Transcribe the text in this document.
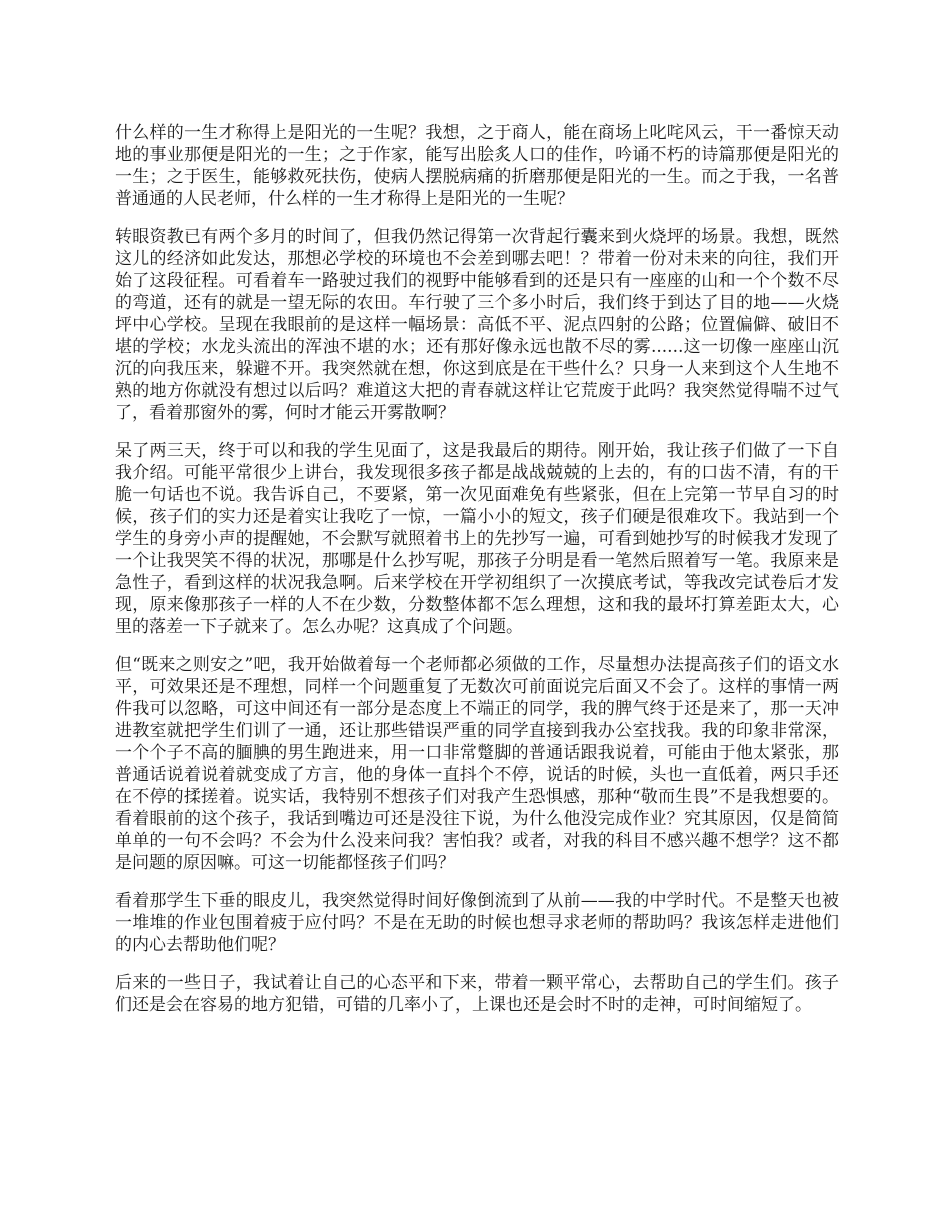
什么样的一生才称得上是阳光的一生呢？我想，之于商人，能在商场上叱咤风云，干一番惊天动地的事业那便是阳光的一生；之于作家，能写出脍炙人口的佳作，吟诵不朽的诗篇那便是阳光的一生；之于医生，能够救死扶伤，使病人摆脱病痛的折磨那便是阳光的一生。而之于我，一名普普通通的人民老师，什么样的一生才称得上是阳光的一生呢？

转眼资教已有两个多月的时间了，但我仍然记得第一次背起行囊来到火烧坪的场景。我想，既然这儿的经济如此发达，那想必学校的环境也不会差到哪去吧！？带着一份对未来的向往，我们开始了这段征程。可看着车一路驶过我们的视野中能够看到的还是只有一座座的山和一个个数不尽的弯道，还有的就是一望无际的农田。车行驶了三个多小时后，我们终于到达了目的地——火烧坪中心学校。呈现在我眼前的是这样一幅场景：高低不平、泥点四射的公路；位置偏僻、破旧不堪的学校；水龙头流出的浑浊不堪的水；还有那好像永远也散不尽的雾......这一切像一座座山沉沉的向我压来，躲避不开。我突然就在想，你这到底是在干些什么？只身一人来到这个人生地不熟的地方你就没有想过以后吗？难道这大把的青春就这样让它荒废于此吗？我突然觉得喘不过气了，看着那窗外的雾，何时才能云开雾散啊？

呆了两三天，终于可以和我的学生见面了，这是我最后的期待。刚开始，我让孩子们做了一下自我介绍。可能平常很少上讲台，我发现很多孩子都是战战兢兢的上去的，有的口齿不清，有的干脆一句话也不说。我告诉自己，不要紧，第一次见面难免有些紧张，但在上完第一节早自习的时候，孩子们的实力还是着实让我吃了一惊，一篇小小的短文，孩子们硬是很难攻下。我站到一个学生的身旁小声的提醒她，不会默写就照着书上的先抄写一遍，可看到她抄写的时候我才发现了一个让我哭笑不得的状况，那哪是什么抄写呢，那孩子分明是看一笔然后照着写一笔。我原来是急性子，看到这样的状况我急啊。后来学校在开学初组织了一次摸底考试，等我改完试卷后才发现，原来像那孩子一样的人不在少数，分数整体都不怎么理想，这和我的最坏打算差距太大，心里的落差一下子就来了。怎么办呢？这真成了个问题。

但“既来之则安之”吧，我开始做着每一个老师都必须做的工作，尽量想办法提高孩子们的语文水平，可效果还是不理想，同样一个问题重复了无数次可前面说完后面又不会了。这样的事情一两件我可以忽略，可这中间还有一部分是态度上不端正的同学，我的脾气终于还是来了，那一天冲进教室就把学生们训了一通，还让那些错误严重的同学直接到我办公室找我。我的印象非常深，一个个子不高的腼腆的男生跑进来，用一口非常蹩脚的普通话跟我说着，可能由于他太紧张，那普通话说着说着就变成了方言，他的身体一直抖个不停，说话的时候，头也一直低着，两只手还在不停的揉搓着。说实话，我特别不想孩子们对我产生恐惧感，那种“敬而生畏”不是我想要的。看着眼前的这个孩子，我话到嘴边可还是没往下说，为什么他没完成作业？究其原因，仅是简简单单的一句不会吗？不会为什么没来问我？害怕我？或者，对我的科目不感兴趣不想学？这不都是问题的原因嘛。可这一切能都怪孩子们吗？

看着那学生下垂的眼皮儿，我突然觉得时间好像倒流到了从前——我的中学时代。不是整天也被一堆堆的作业包围着疲于应付吗？不是在无助的时候也想寻求老师的帮助吗？我该怎样走进他们的内心去帮助他们呢？

后来的一些日子，我试着让自己的心态平和下来，带着一颗平常心，去帮助自己的学生们。孩子们还是会在容易的地方犯错，可错的几率小了，上课也还是会时不时的走神，可时间缩短了。
